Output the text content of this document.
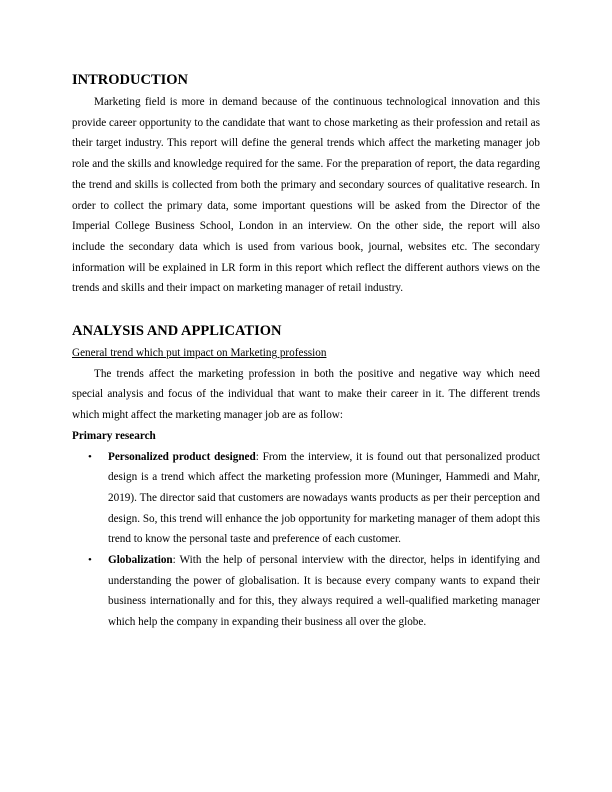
INTRODUCTION

Marketing field is more in demand because of the continuous technological innovation and this provide career opportunity to the candidate that want to chose marketing as their profession and retail as their target industry. This report will define the general trends which affect the marketing manager job role and the skills and knowledge required for the same. For the preparation of report, the data regarding the trend and skills is collected from both the primary and secondary sources of qualitative research. In order to collect the primary data, some important questions will be asked from the Director of the Imperial College Business School, London in an interview. On the other side, the report will also include the secondary data which is used from various book, journal, websites etc. The secondary information will be explained in LR form in this report which reflect the different authors views on the trends and skills and their impact on marketing manager of retail industry.

ANALYSIS AND APPLICATION

General trend which put impact on Marketing profession

The trends affect the marketing profession in both the positive and negative way which need special analysis and focus of the individual that want to make their career in it. The different trends which might affect the marketing manager job are as follow:

Primary research

• Personalized product designed: From the interview, it is found out that personalized product design is a trend which affect the marketing profession more (Muninger, Hammedi and Mahr, 2019). The director said that customers are nowadays wants products as per their perception and design. So, this trend will enhance the job opportunity for marketing manager of them adopt this trend to know the personal taste and preference of each customer.
• Globalization: With the help of personal interview with the director, helps in identifying and understanding the power of globalisation. It is because every company wants to expand their business internationally and for this, they always required a well-qualified marketing manager which help the company in expanding their business all over the globe.
